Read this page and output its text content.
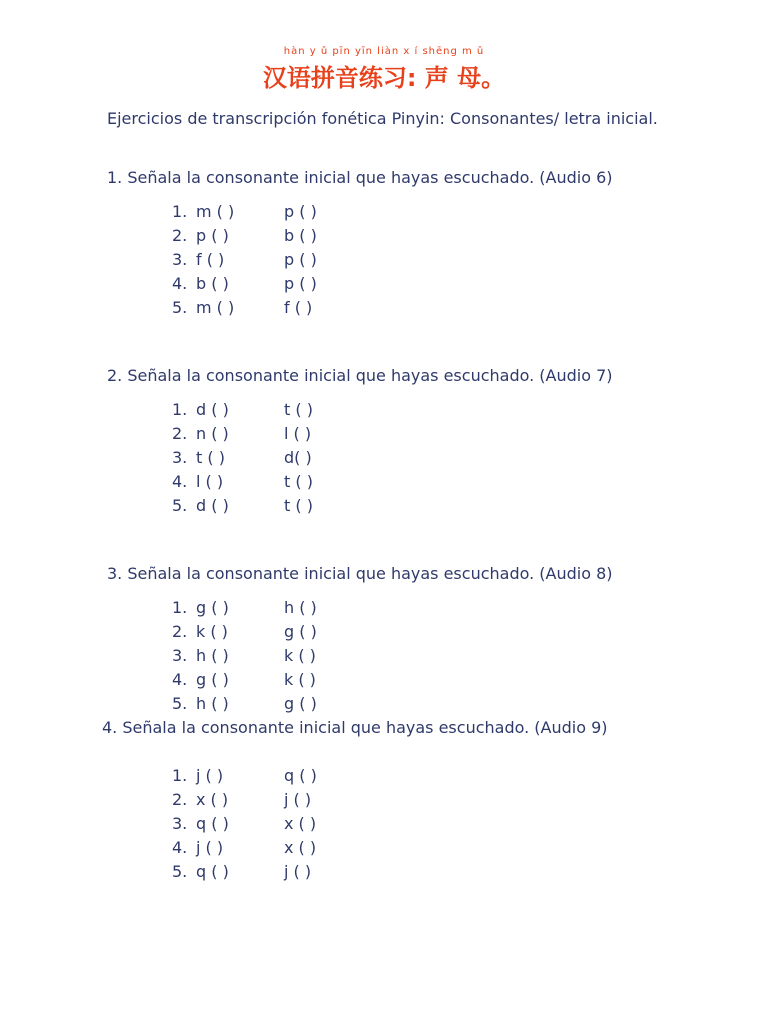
hàn y ǔ pīn yīn liàn x í shēng m ǔ
汉语拼音练习: 声 母。
Ejercicios de transcripción fonética Pinyin: Consonantes/ letra inicial.
1. Señala la consonante inicial que hayas escuchado. (Audio 6)
1. m ( )	p ( )
2. p ( )	b ( )
3. f ( )	p ( )
4. b ( )	p ( )
5. m ( )	f ( )
2. Señala la consonante inicial que hayas escuchado. (Audio 7)
1. d ( )	t ( )
2. n ( )	l ( )
3. t ( )	d( )
4. l ( )	t ( )
5. d ( )	t ( )
3. Señala la consonante inicial que hayas escuchado. (Audio 8)
1. g ( )	h ( )
2. k ( )	g ( )
3. h ( )	k ( )
4. g ( )	k ( )
5. h ( )	g ( )
4. Señala la consonante inicial que hayas escuchado. (Audio 9)
1. j ( )	q ( )
2. x ( )	j ( )
3. q ( )	x ( )
4. j ( )	x ( )
5. q ( )	j ( )
